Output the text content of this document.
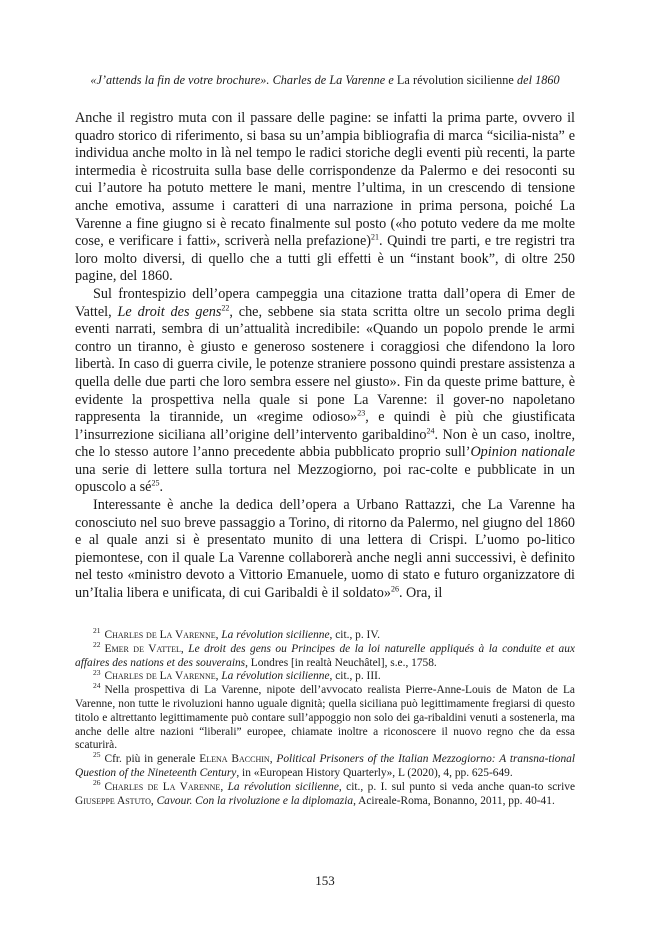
«J’attends la fin de votre brochure». Charles de La Varenne e La révolution sicilienne del 1860

Anche il registro muta con il passare delle pagine: se infatti la prima parte, ovvero il quadro storico di riferimento, si basa su un’ampia bibliografia di marca “sicilia-nista” e individua anche molto in là nel tempo le radici storiche degli eventi più recenti, la parte intermedia è ricostruita sulla base delle corrispondenze da Palermo e dei resoconti su cui l’autore ha potuto mettere le mani, mentre l’ultima, in un crescendo di tensione anche emotiva, assume i caratteri di una narrazione in prima persona, poiché La Varenne a fine giugno si è recato finalmente sul posto («ho potuto vedere da me molte cose, e verificare i fatti», scriverà nella prefazione)$^{21}$. Quindi tre parti, e tre registri tra loro molto diversi, di quello che a tutti gli effetti è un “instant book”, di oltre 250 pagine, del 1860.

Sul frontespizio dell’opera campeggia una citazione tratta dall’opera di Emer de Vattel, Le droit des gens$^{22}$, che, sebbene sia stata scritta oltre un secolo prima degli eventi narrati, sembra di un’attualità incredibile: «Quando un popolo prende le armi contro un tiranno, è giusto e generoso sostenere i coraggiosi che difendono la loro libertà. In caso di guerra civile, le potenze straniere possono quindi prestare assistenza a quella delle due parti che loro sembra essere nel giusto». Fin da queste prime batture, è evidente la prospettiva nella quale si pone La Varenne: il gover-no napoletano rappresenta la tirannide, un «regime odioso»$^{23}$, e quindi è più che giustificata l’insurrezione siciliana all’origine dell’intervento garibaldino$^{24}$. Non è un caso, inoltre, che lo stesso autore l’anno precedente abbia pubblicato proprio sull’Opinion nationale una serie di lettere sulla tortura nel Mezzogiorno, poi rac-colte e pubblicate in un opuscolo a $sé^{25}$.

Interessante è anche la dedica dell’opera a Urbano Rattazzi, che La Varenne ha conosciuto nel suo breve passaggio a Torino, di ritorno da Palermo, nel giugno del 1860 e al quale anzi si è presentato munito di una lettera di Crispi. L’uomo po-litico piemontese, con il quale La Varenne collaborerà anche negli anni successivi, è definito nel testo «ministro devoto a Vittorio Emanuele, uomo di stato e futuro organizzatore di un’Italia libera e unificata, di cui Garibaldi è il soldato»$^{26}$. Ora, il

$^{21}$ Charles de La Varenne, La révolution sicilienne, cit., p. IV.

$^{22}$ Emer de Vattel, Le droit des gens ou Principes de la loi naturelle appliqués à la conduite et aux affaires des nations et des souverains, Londres [in realtà Neuchâtel], s.e., 1758.

$^{23}$ Charles de La Varenne, La révolution sicilienne, cit., p. III.

$^{24}$ Nella prospettiva di La Varenne, nipote dell’avvocato realista Pierre-Anne-Louis de Maton de La Varenne, non tutte le rivoluzioni hanno uguale dignità; quella siciliana può legittimamente fregiarsi di questo titolo e altrettanto legittimamente può contare sull’appoggio non solo dei ga-ribaldini venuti a sostenerla, ma anche delle altre nazioni “liberali” europee, chiamate inoltre a riconoscere il nuovo regno che da essa scaturirà.

$^{25}$ Cfr. più in generale Elena Bacchin, Political Prisoners of the Italian Mezzogiorno: A transna-tional Question of the Nineteenth Century, in «European History Quarterly», L (2020), 4, pp. 625-649.

$^{26}$ Charles de La Varenne, La révolution sicilienne, cit., p. I. sul punto si veda anche quan-to scrive Giuseppe Astuto, Cavour. Con la rivoluzione e la diplomazia, Acireale-Roma, Bonanno, 2011, pp. 40-41.

153
